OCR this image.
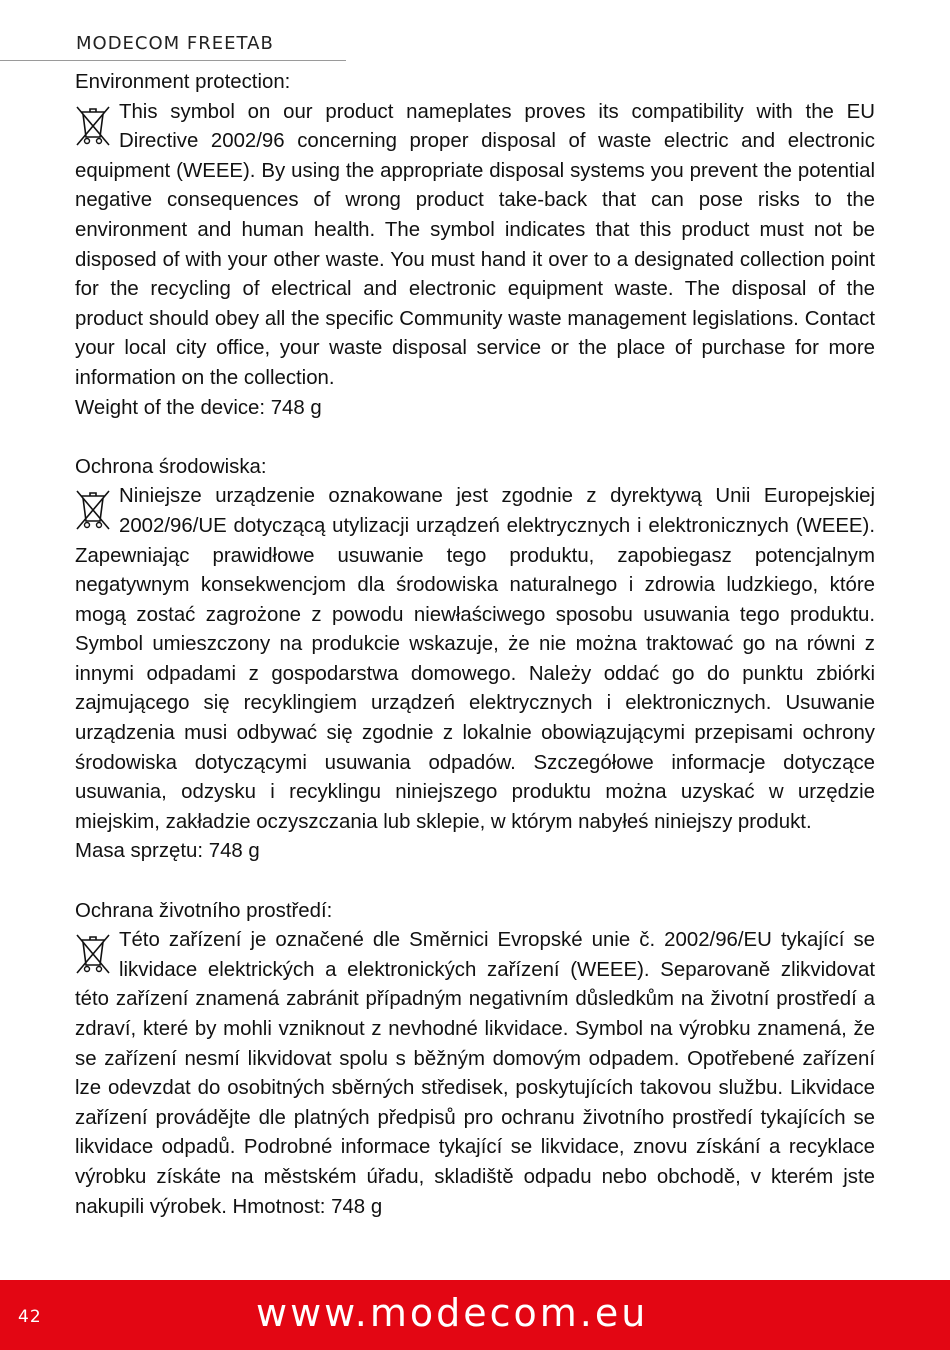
MODECOM FREETAB

Environment protection:

This symbol on our product nameplates proves its compatibility with the EU Directive 2002/96 concerning proper disposal of waste electric and electronic equipment (WEEE). By using the appropriate disposal systems you prevent the potential negative consequences of wrong product take-back that can pose risks to the environment and human health. The symbol indicates that this product must not be disposed of with your other waste. You must hand it over to a designated collection point for the recycling of electrical and electronic equipment waste. The disposal of the product should obey all the specific Community waste management legislations. Contact your local city office, your waste disposal service or the place of purchase for more information on the collection.

Weight of the device: 748 g

Ochrona środowiska:

Niniejsze urządzenie oznakowane jest zgodnie z dyrektywą Unii Europejskiej 2002/96/UE dotyczącą utylizacji urządzeń elektrycznych i elektronicznych (WEEE). Zapewniając prawidłowe usuwanie tego produktu, zapobiegasz potencjalnym negatywnym konsekwencjom dla środowiska naturalnego i zdrowia ludzkiego, które mogą zostać zagrożone z powodu niewłaściwego sposobu usuwania tego produktu. Symbol umieszczony na produkcie wskazuje, że nie można traktować go na równi z innymi odpadami z gospodarstwa domowego. Należy oddać go do punktu zbiórki zajmującego się recyklingiem urządzeń elektrycznych i elektronicznych. Usuwanie urządzenia musi odbywać się zgodnie z lokalnie obowiązującymi przepisami ochrony środowiska dotyczącymi usuwania odpadów. Szczegółowe informacje dotyczące usuwania, odzysku i recyklingu niniejszego produktu można uzyskać w urzędzie miejskim, zakładzie oczyszczania lub sklepie, w którym nabyłeś niniejszy produkt.

Masa sprzętu: 748 g

Ochrana životního prostředí:

Této zařízení je označené dle Směrnici Evropské unie č. 2002/96/EU tykající se likvidace elektrických a elektronických zařízení (WEEE). Separovaně zlikvidovat této zařízení znamená zabránit případným negativním důsledkům na životní prostředí a zdraví, které by mohli vzniknout z nevhodné likvidace. Symbol na výrobku znamená, že se zařízení nesmí likvidovat spolu s běžným domovým odpadem. Opotřebené zařízení lze odevzdat do osobitných sběrných středisek, poskytujících takovou službu. Likvidace zařízení provádějte dle platných předpisů pro ochranu životního prostředí tykajících se likvidace odpadů. Podrobné informace tykající se likvidace, znovu získání a recyklace výrobku získáte na městském úřadu, skladiště odpadu nebo obchodě, v kterém jste nakupili výrobek. Hmotnost: 748 g

42	www.modecom.eu
